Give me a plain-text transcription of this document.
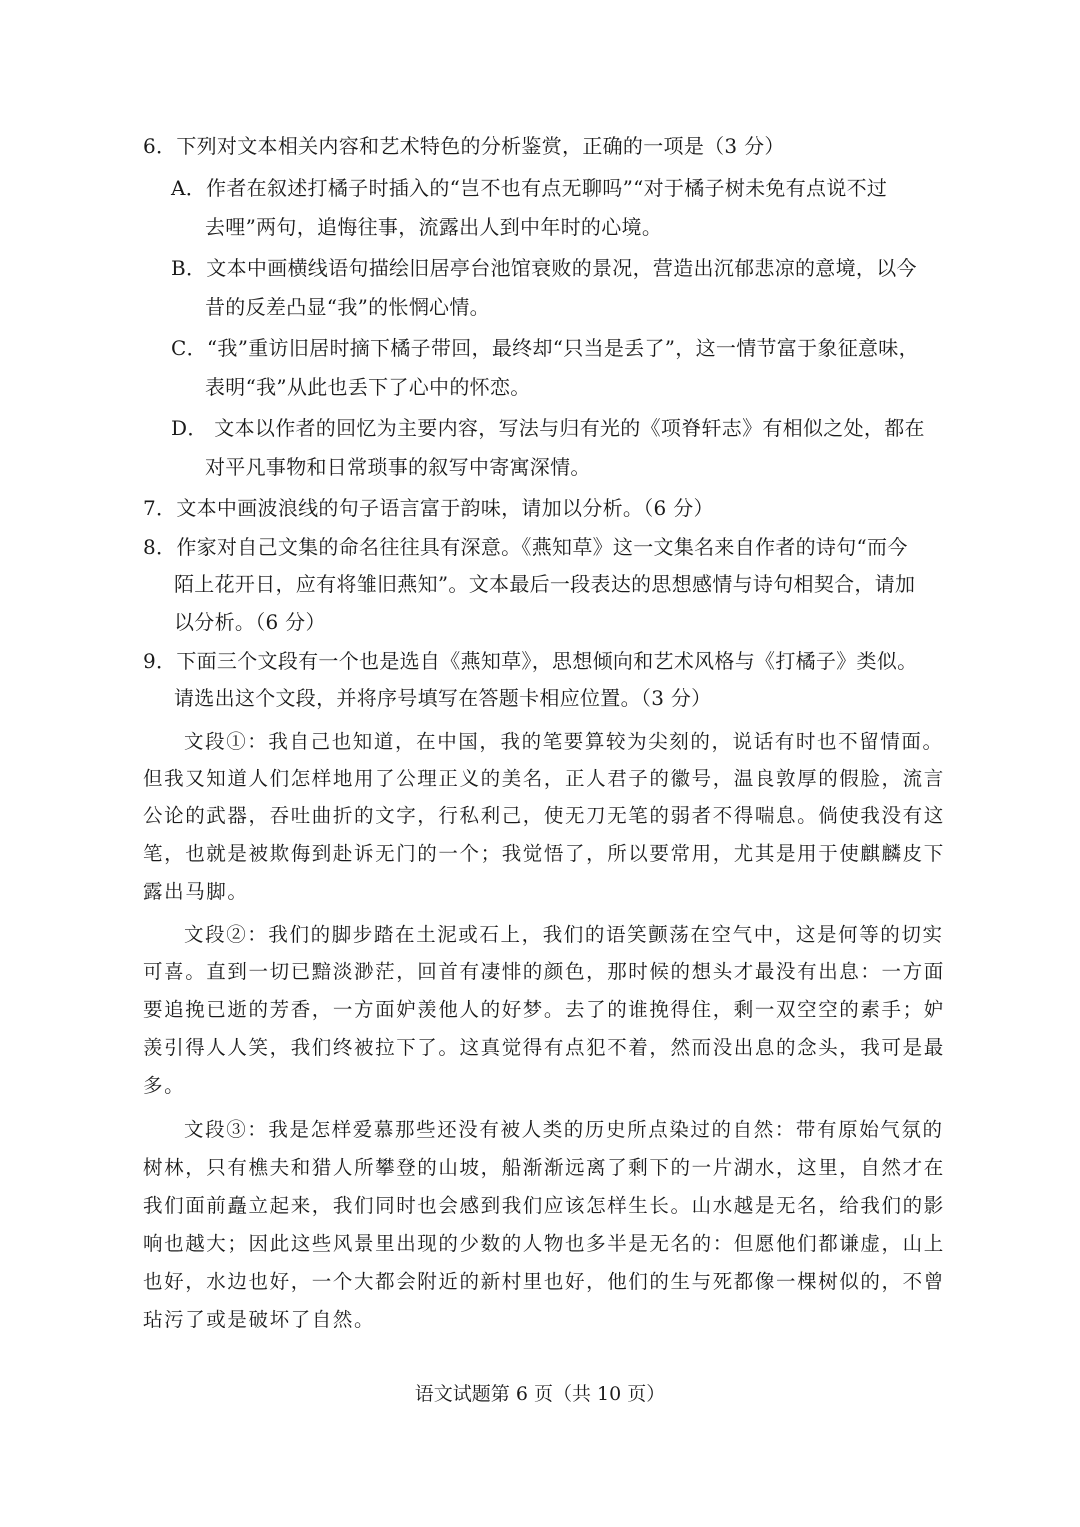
6．下列对文本相关内容和艺术特色的分析鉴赏，正确的一项是（3 分）
A．作者在叙述打橘子时插入的“岂不也有点无聊吗”“对于橘子树未免有点说不过
去哩”两句，追悔往事，流露出人到中年时的心境。
B．文本中画横线语句描绘旧居亭台池馆衰败的景况，营造出沉郁悲凉的意境，以今
昔的反差凸显“我”的怅惘心情。
C．“我”重访旧居时摘下橘子带回，最终却“只当是丢了”，这一情节富于象征意味，
表明“我”从此也丢下了心中的怀恋。
D． 文本以作者的回忆为主要内容，写法与归有光的《项脊轩志》有相似之处，都在
对平凡事物和日常琐事的叙写中寄寓深情。
7．文本中画波浪线的句子语言富于韵味，请加以分析。（6 分）
8．作家对自己文集的命名往往具有深意。《燕知草》这一文集名来自作者的诗句“而今
陌上花开日，应有将雏旧燕知”。文本最后一段表达的思想感情与诗句相契合，请加
以分析。（6 分）
9．下面三个文段有一个也是选自《燕知草》，思想倾向和艺术风格与《打橘子》类似。
请选出这个文段，并将序号填写在答题卡相应位置。（3 分）
文段①：我自己也知道，在中国，我的笔要算较为尖刻的，说话有时也不留情面。
但我又知道人们怎样地用了公理正义的美名，正人君子的徽号，温良敦厚的假脸，流言
公论的武器，吞吐曲折的文字，行私利己，使无刀无笔的弱者不得喘息。倘使我没有这
笔，也就是被欺侮到赴诉无门的一个；我觉悟了，所以要常用，尤其是用于使麒麟皮下
露出马脚。
文段②：我们的脚步踏在土泥或石上，我们的语笑颤荡在空气中，这是何等的切实
可喜。直到一切已黯淡渺茫，回首有凄悱的颜色，那时候的想头才最没有出息：一方面
要追挽已逝的芳香，一方面妒羡他人的好梦。去了的谁挽得住，剩一双空空的素手；妒
羡引得人人笑，我们终被拉下了。这真觉得有点犯不着，然而没出息的念头，我可是最
多。
文段③：我是怎样爱慕那些还没有被人类的历史所点染过的自然：带有原始气氛的
树林，只有樵夫和猎人所攀登的山坡，船渐渐远离了剩下的一片湖水，这里，自然才在
我们面前矗立起来，我们同时也会感到我们应该怎样生长。山水越是无名，给我们的影
响也越大；因此这些风景里出现的少数的人物也多半是无名的：但愿他们都谦虚，山上
也好，水边也好，一个大都会附近的新村里也好，他们的生与死都像一棵树似的，不曾
玷污了或是破坏了自然。
语文试题第 6 页（共 10 页）
